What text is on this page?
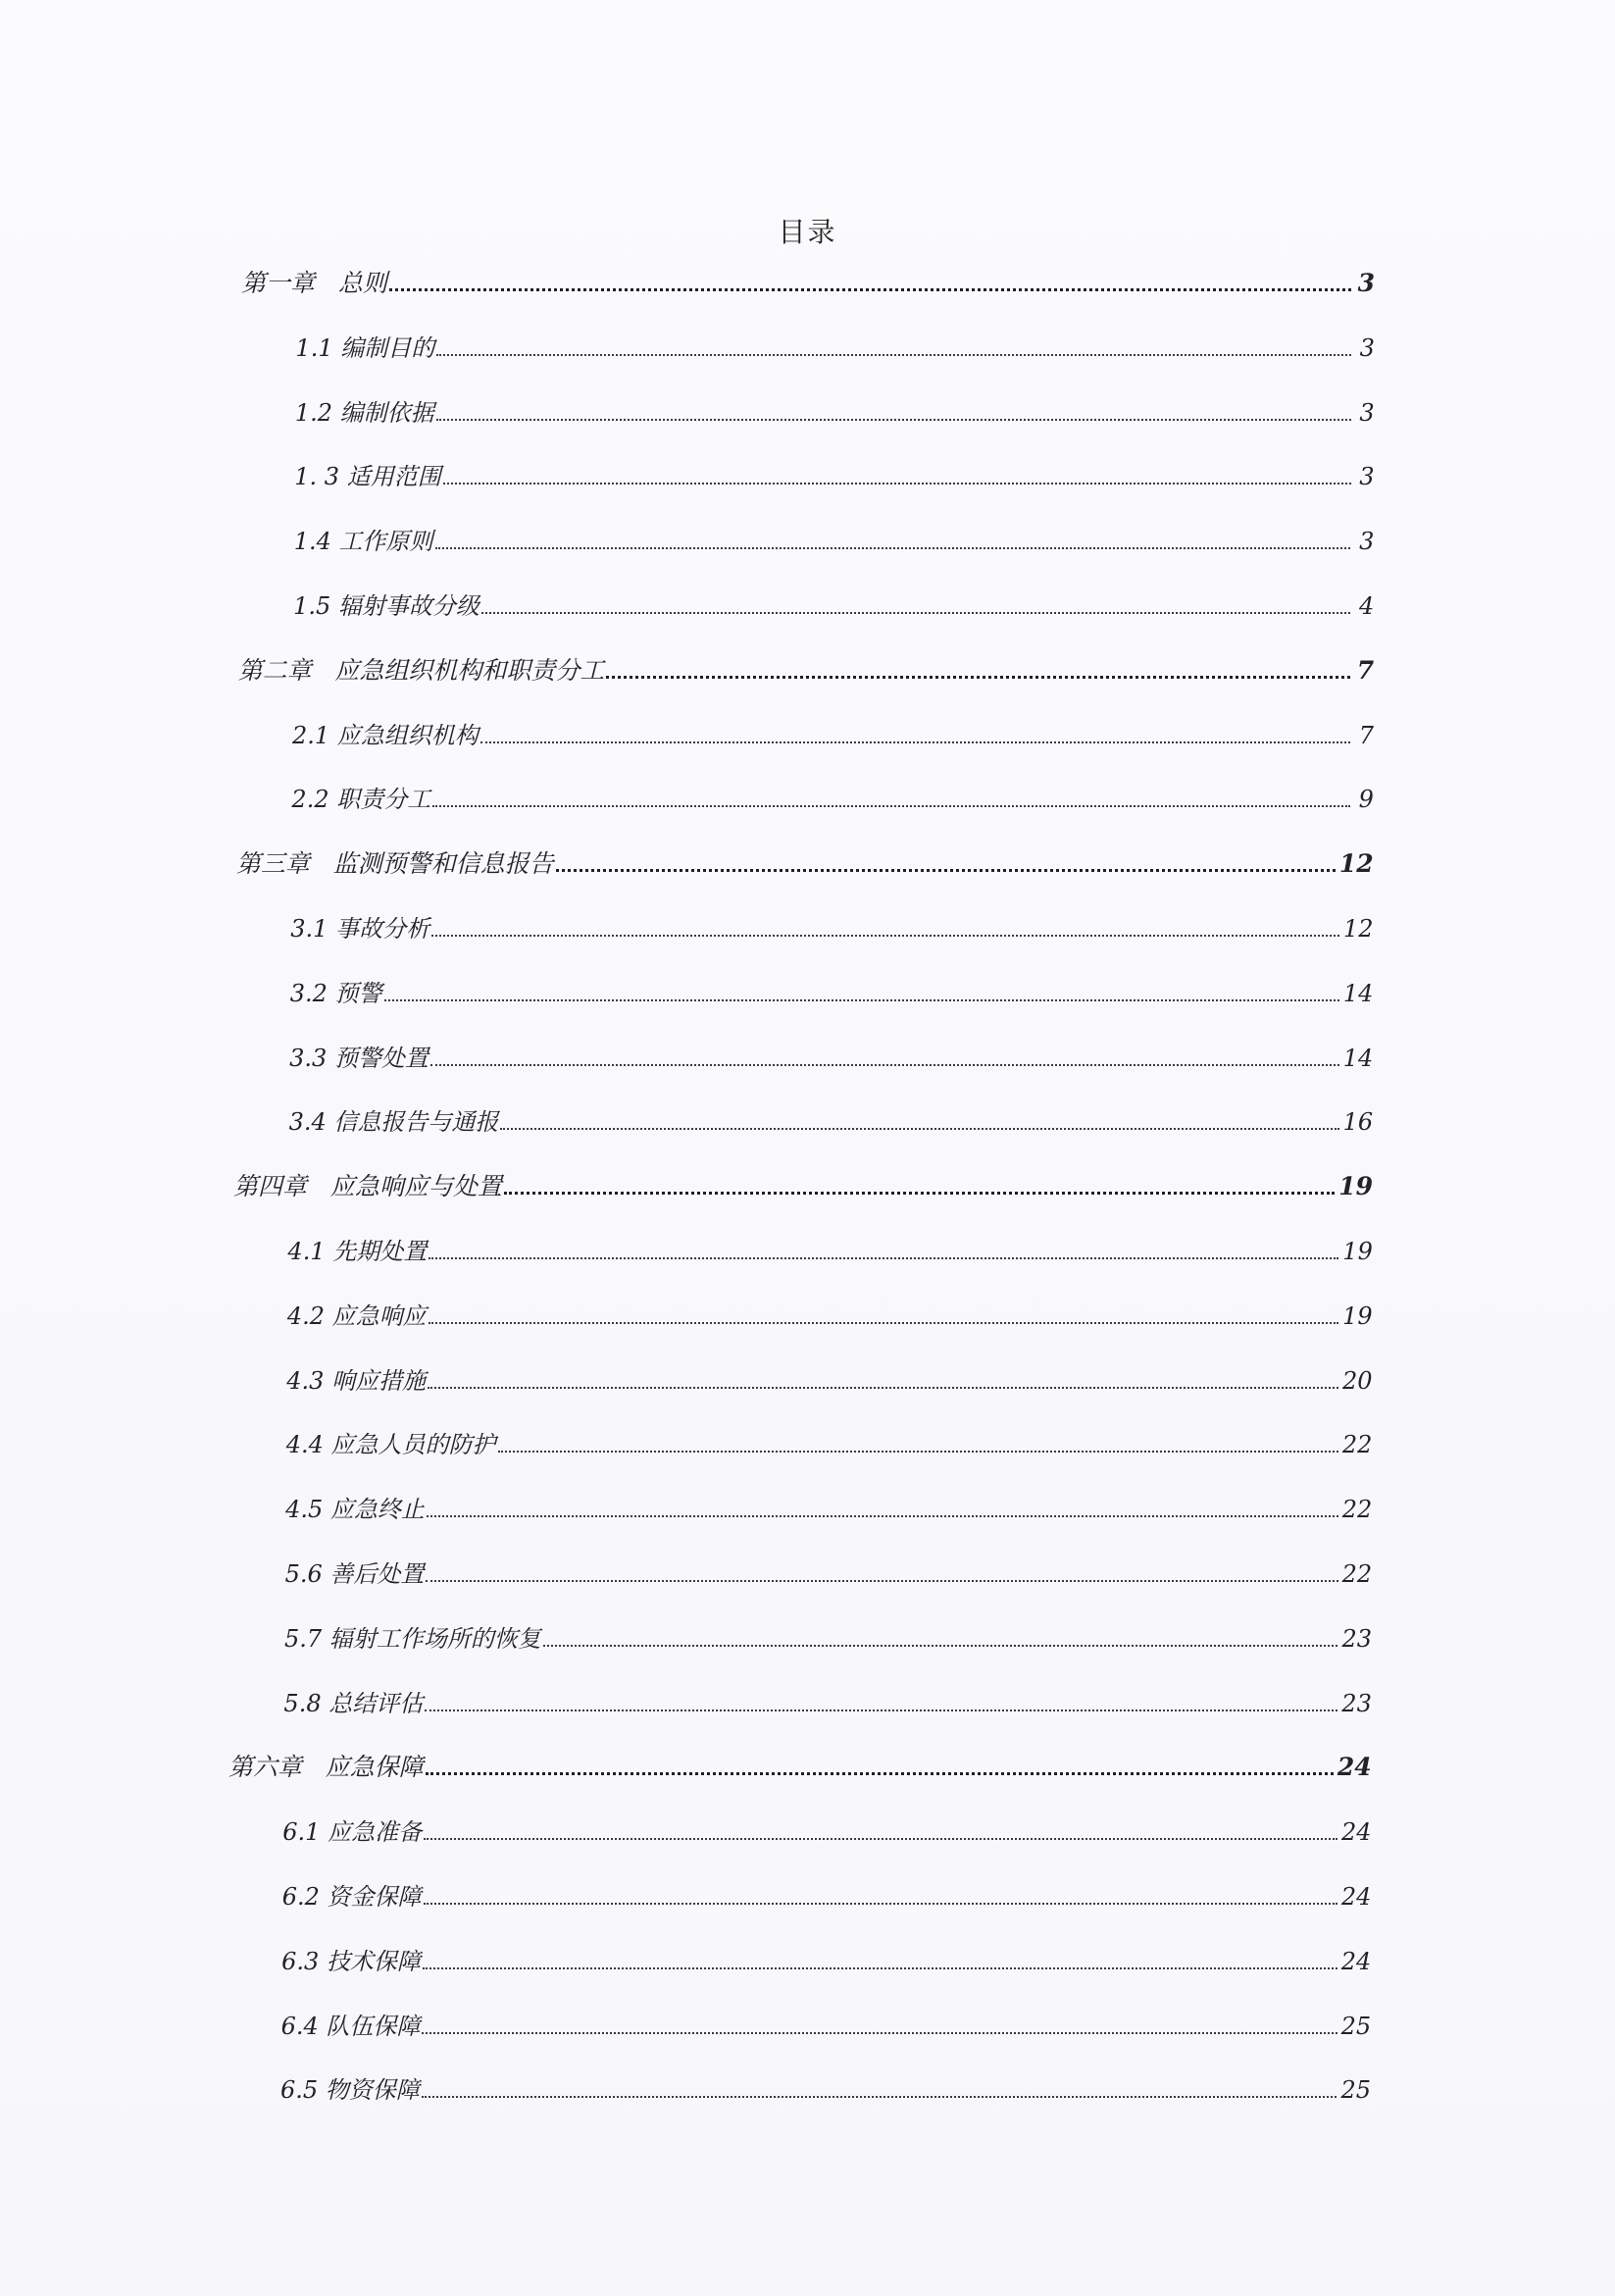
目录
第一章   总则	3
1.1 编制目的	3
1.2 编制依据	3
1. 3 适用范围	3
1.4 工作原则	3
1.5 辐射事故分级	4
第二章   应急组织机构和职责分工	7
2.1 应急组织机构	7
2.2 职责分工	9
第三章   监测预警和信息报告	12
3.1 事故分析	12
3.2 预警	14
3.3 预警处置	14
3.4 信息报告与通报	16
第四章   应急响应与处置	19
4.1 先期处置	19
4.2 应急响应	19
4.3 响应措施	20
4.4 应急人员的防护	22
4.5 应急终止	22
5.6 善后处置	22
5.7 辐射工作场所的恢复	23
5.8 总结评估	23
第六章   应急保障	24
6.1 应急准备	24
6.2 资金保障	24
6.3 技术保障	24
6.4 队伍保障	25
6.5 物资保障	25
